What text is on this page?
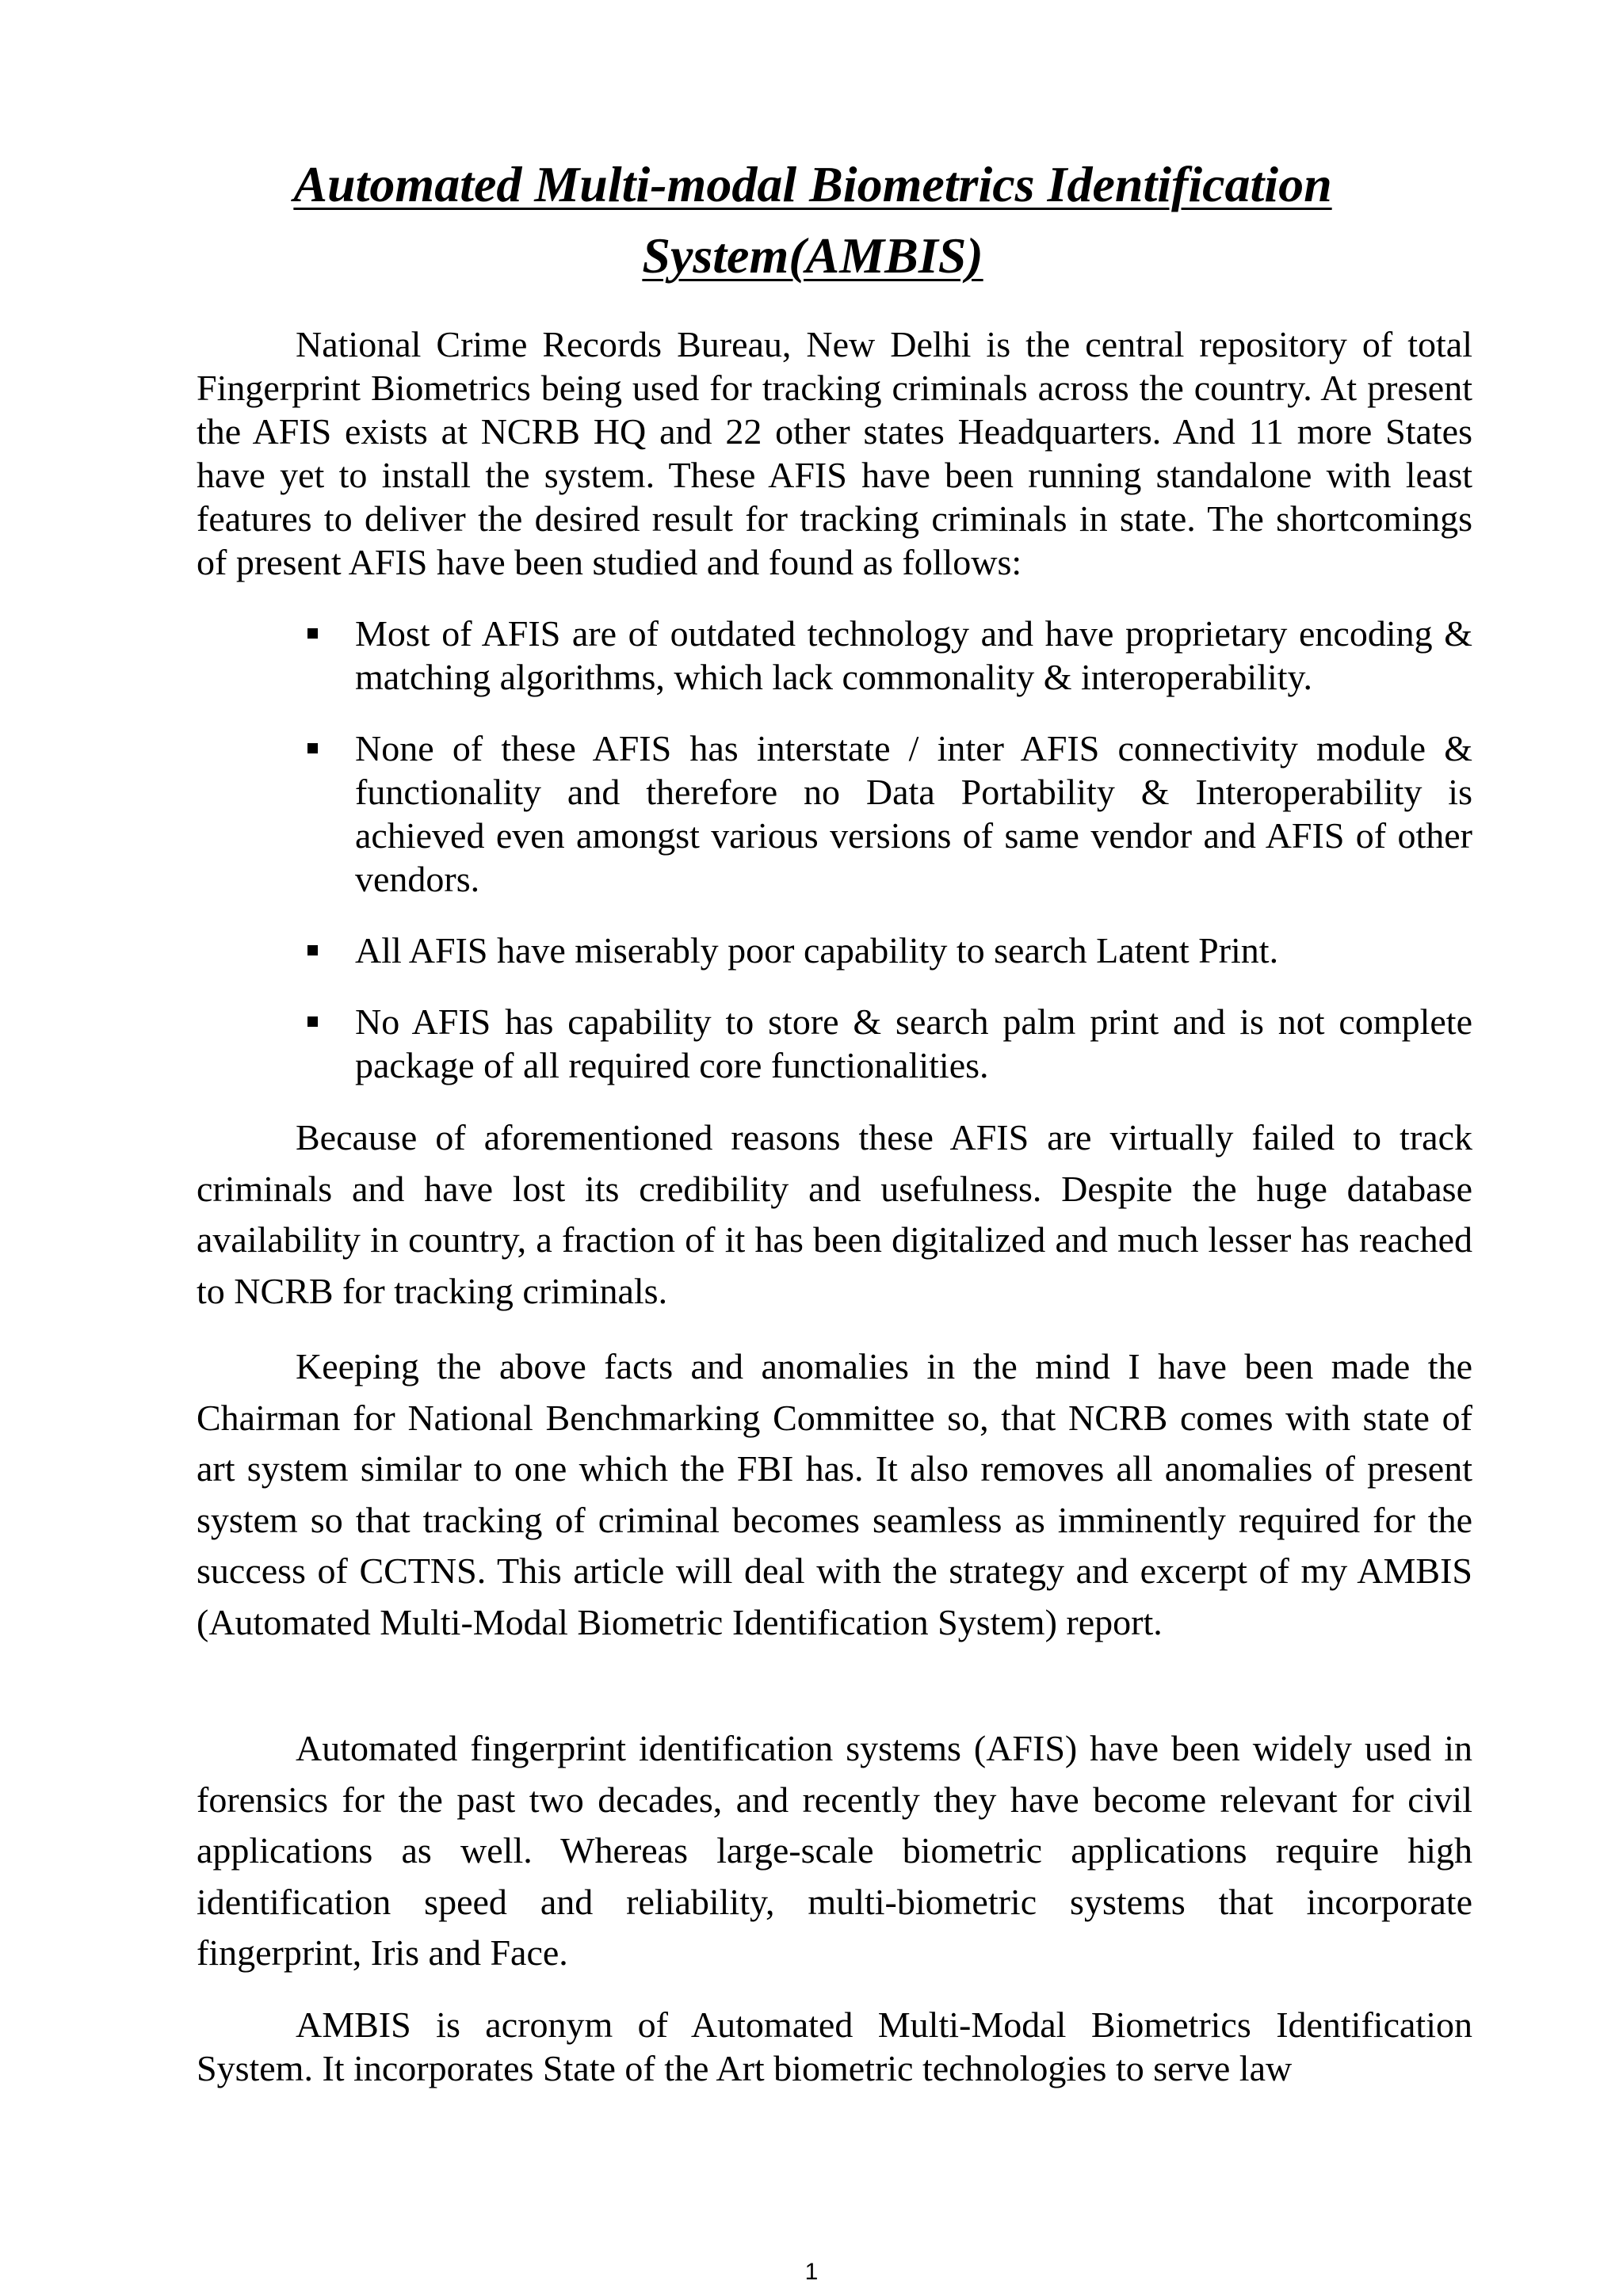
Automated Multi-modal Biometrics Identification System(AMBIS)

National Crime Records Bureau, New Delhi is the central repository of total Fingerprint Biometrics being used for tracking criminals across the country. At present the AFIS exists at NCRB HQ and 22 other states Headquarters. And 11 more States have yet to install the system. These AFIS have been running standalone with least features to deliver the desired result for tracking criminals in state. The shortcomings of present AFIS have been studied and found as follows:

Most of AFIS are of outdated technology and have proprietary encoding & matching algorithms, which lack commonality & interoperability.
None of these AFIS has interstate / inter AFIS connectivity module & functionality and therefore no Data Portability & Interoperability is achieved even amongst various versions of same vendor and AFIS of other vendors.
All AFIS have miserably poor capability to search Latent Print.
No AFIS has capability to store & search palm print and is not complete package of all required core functionalities.

Because of aforementioned reasons these AFIS are virtually failed to track criminals and have lost its credibility and usefulness. Despite the huge database availability in country, a fraction of it has been digitalized and much lesser has reached to NCRB for tracking criminals.

Keeping the above facts and anomalies in the mind I have been made the Chairman for National Benchmarking Committee so, that NCRB comes with state of art system similar to one which the FBI has. It also removes all anomalies of present system so that tracking of criminal becomes seamless as imminently required for the success of CCTNS. This article will deal with the strategy and excerpt of my AMBIS (Automated Multi-Modal Biometric Identification System) report.

Automated fingerprint identification systems (AFIS) have been widely used in forensics for the past two decades, and recently they have become relevant for civil applications as well. Whereas large-scale biometric applications require high identification speed and reliability, multi-biometric systems that incorporate fingerprint, Iris and Face.

AMBIS is acronym of Automated Multi-Modal Biometrics Identification System. It incorporates State of the Art biometric technologies to serve law

1
